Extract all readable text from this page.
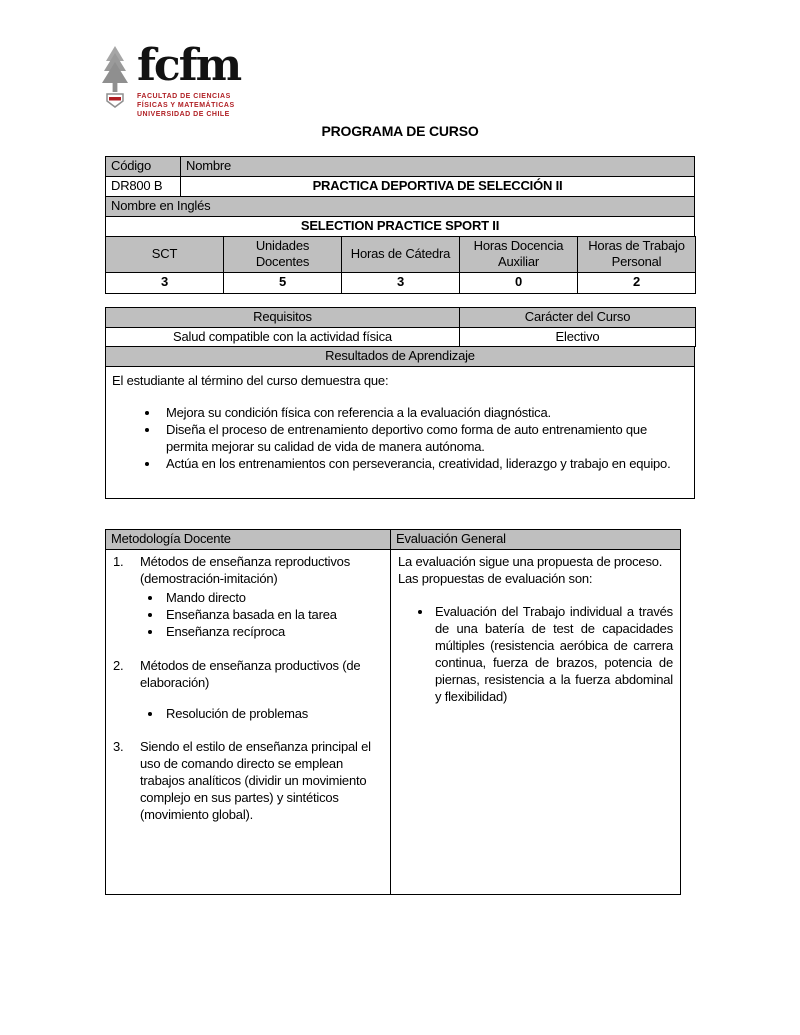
fcfm
FACULTAD DE CIENCIAS
FÍSICAS Y MATEMÁTICAS
UNIVERSIDAD DE CHILE
PROGRAMA DE CURSO
Código	Nombre
DR800 B	PRACTICA DEPORTIVA DE SELECCIÓN II
Nombre en Inglés
SELECTION PRACTICE SPORT II
SCT	Unidades Docentes	Horas de Cátedra	Horas Docencia Auxiliar	Horas de Trabajo Personal
3	5	3	0	2
Requisitos	Carácter del Curso
Salud compatible con la actividad física	Electivo
Resultados de Aprendizaje

El estudiante al término del curso demuestra que:
• Mejora su condición física con referencia a la evaluación diagnóstica.
• Diseña el proceso de entrenamiento deportivo como forma de auto entrenamiento que permita mejorar su calidad de vida de manera autónoma.
• Actúa en los entrenamientos con perseverancia, creatividad, liderazgo y trabajo en equipo.
Metodología Docente	Evaluación General

1. Métodos de enseñanza reproductivos (demostración-imitación)
• Mando directo
• Enseñanza basada en la tarea
• Enseñanza recíproca
2. Métodos de enseñanza productivos (de elaboración)
• Resolución de problemas
3. Siendo el estilo de enseñanza principal el uso de comando directo se emplean trabajos analíticos (dividir un movimiento complejo en sus partes) y sintéticos (movimiento global).

La evaluación sigue una propuesta de proceso. Las propuestas de evaluación son:
• Evaluación del Trabajo individual a través de una batería de test de capacidades múltiples (resistencia aeróbica de carrera continua, fuerza de brazos, potencia de piernas, resistencia a la fuerza abdominal y flexibilidad)
